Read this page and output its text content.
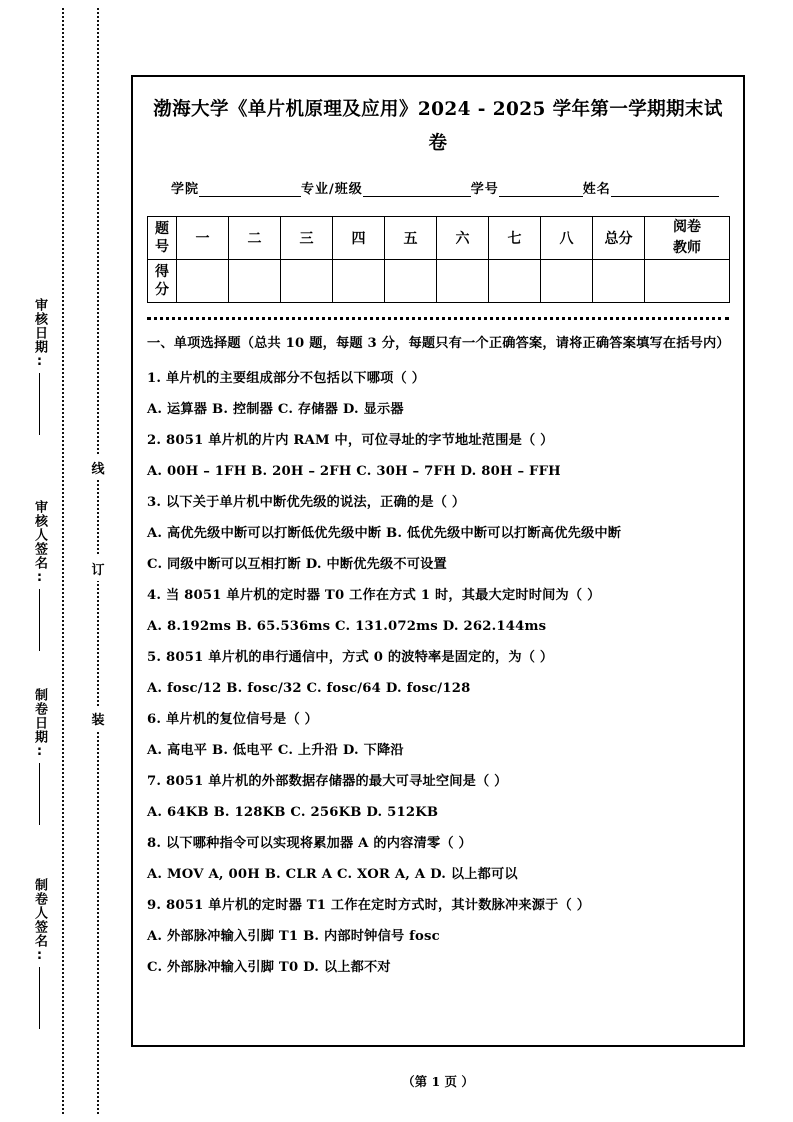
审核日期:
审核人签名:
制卷日期:
制卷人签名:
线
订
装
渤海大学《单片机原理及应用》2024 - 2025 学年第一学期期末试卷
学院	专业/班级	学号	姓名
题
号	一	二	三	四	五	六	七	八	总分	阅卷
教师

得
分										

一、单项选择题（总共 10 题，每题 3 分，每题只有一个正确答案，请将正确答案填写在括号内）
1. 单片机的主要组成部分不包括以下哪项（ ）
A. 运算器 B. 控制器 C. 存储器 D. 显示器
2. 8051 单片机的片内 RAM 中，可位寻址的字节地址范围是（ ）
A. 00H – 1FH B. 20H – 2FH C. 30H – 7FH D. 80H – FFH
3. 以下关于单片机中断优先级的说法，正确的是（ ）
A. 高优先级中断可以打断低优先级中断 B. 低优先级中断可以打断高优先级中断
C. 同级中断可以互相打断 D. 中断优先级不可设置
4. 当 8051 单片机的定时器 T0 工作在方式 1 时，其最大定时时间为（ ）
A. 8.192ms B. 65.536ms C. 131.072ms D. 262.144ms
5. 8051 单片机的串行通信中，方式 0 的波特率是固定的，为（ ）
A. fosc/12 B. fosc/32 C. fosc/64 D. fosc/128
6. 单片机的复位信号是（ ）
A. 高电平 B. 低电平 C. 上升沿 D. 下降沿
7. 8051 单片机的外部数据存储器的最大可寻址空间是（ ）
A. 64KB B. 128KB C. 256KB D. 512KB
8. 以下哪种指令可以实现将累加器 A 的内容清零（ ）
A. MOV A, 00H B. CLR A C. XOR A, A D. 以上都可以
9. 8051 单片机的定时器 T1 工作在定时方式时，其计数脉冲来源于（ ）
A. 外部脉冲输入引脚 T1 B. 内部时钟信号 fosc
C. 外部脉冲输入引脚 T0 D. 以上都不对
（第 1 页 ）
